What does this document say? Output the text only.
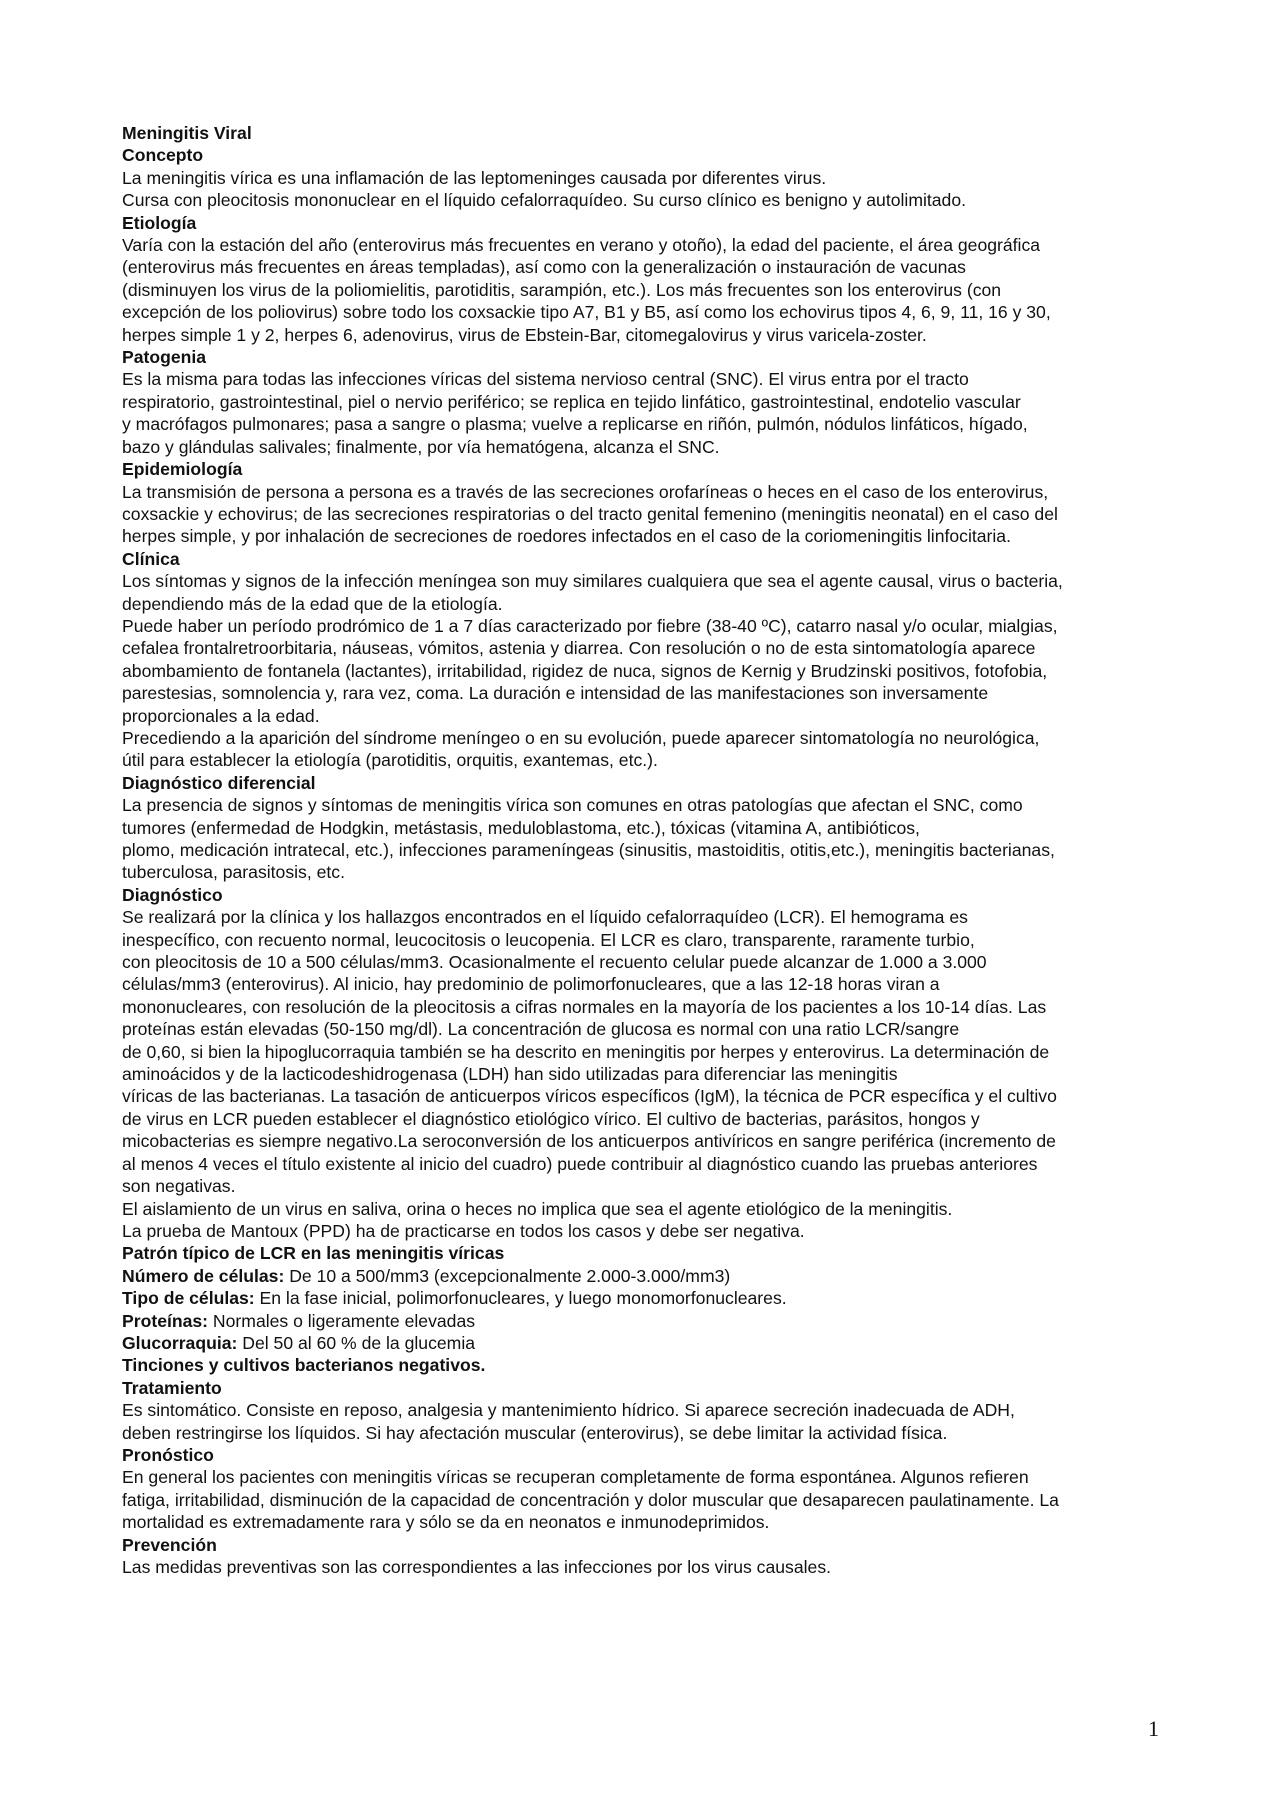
Meningitis Viral
Concepto
La meningitis vírica es una inflamación de las leptomeninges causada por diferentes virus.
Cursa con pleocitosis mononuclear en el líquido cefalorraquídeo. Su curso clínico es benigno y autolimitado.
Etiología
Varía con la estación del año (enterovirus más frecuentes en verano y otoño), la edad del paciente, el área geográfica
(enterovirus más frecuentes en áreas templadas), así como con la generalización o instauración de vacunas
(disminuyen los virus de la poliomielitis, parotiditis, sarampión, etc.). Los más frecuentes son los enterovirus (con
excepción de los poliovirus) sobre todo los coxsackie tipo A7, B1 y B5, así como los echovirus tipos 4, 6, 9, 11, 16 y 30,
herpes simple 1 y 2, herpes 6, adenovirus, virus de Ebstein-Bar, citomegalovirus y virus varicela-zoster.
Patogenia
Es la misma para todas las infecciones víricas del sistema nervioso central (SNC). El virus entra por el tracto
respiratorio, gastrointestinal, piel o nervio periférico; se replica en tejido linfático, gastrointestinal, endotelio vascular
y macrófagos pulmonares; pasa a sangre o plasma; vuelve a replicarse en riñón, pulmón, nódulos linfáticos, hígado,
bazo y glándulas salivales; finalmente, por vía hematógena, alcanza el SNC.
Epidemiología
La transmisión de persona a persona es a través de las secreciones orofaríneas o heces en el caso de los enterovirus,
coxsackie y echovirus; de las secreciones respiratorias o del tracto genital femenino (meningitis neonatal) en el caso del
herpes simple, y por inhalación de secreciones de roedores infectados en el caso de la coriomeningitis linfocitaria.
Clínica
Los síntomas y signos de la infección meníngea son muy similares cualquiera que sea el agente causal, virus o bacteria,
dependiendo más de la edad que de la etiología.
Puede haber un período prodrómico de 1 a 7 días caracterizado por fiebre (38-40 ºC), catarro nasal y/o ocular, mialgias,
cefalea frontalretroorbitaria, náuseas, vómitos, astenia y diarrea. Con resolución o no de esta sintomatología aparece
abombamiento de fontanela (lactantes), irritabilidad, rigidez de nuca, signos de Kernig y Brudzinski positivos, fotofobia,
parestesias, somnolencia y, rara vez, coma. La duración e intensidad de las manifestaciones son inversamente
proporcionales a la edad.
Precediendo a la aparición del síndrome meníngeo o en su evolución, puede aparecer sintomatología no neurológica,
útil para establecer la etiología (parotiditis, orquitis, exantemas, etc.).
Diagnóstico diferencial
La presencia de signos y síntomas de meningitis vírica son comunes en otras patologías que afectan el SNC, como
tumores (enfermedad de Hodgkin, metástasis, meduloblastoma, etc.), tóxicas (vitamina A, antibióticos,
plomo, medicación intratecal, etc.), infecciones parameníngeas (sinusitis, mastoiditis, otitis,etc.), meningitis bacterianas,
tuberculosa, parasitosis, etc.
Diagnóstico
Se realizará por la clínica y los hallazgos encontrados en el líquido cefalorraquídeo (LCR). El hemograma es
inespecífico, con recuento normal, leucocitosis o leucopenia. El LCR es claro, transparente, raramente turbio,
con pleocitosis de 10 a 500 células/mm3. Ocasionalmente el recuento celular puede alcanzar de 1.000 a 3.000
células/mm3 (enterovirus). Al inicio, hay predominio de polimorfonucleares, que a las 12-18 horas viran a
mononucleares, con resolución de la pleocitosis a cifras normales en la mayoría de los pacientes a los 10-14 días. Las
proteínas están elevadas (50-150 mg/dl). La concentración de glucosa es normal con una ratio LCR/sangre
de 0,60, si bien la hipoglucorraquia también se ha descrito en meningitis por herpes y enterovirus. La determinación de
aminoácidos y de la lacticodeshidrogenasa (LDH) han sido utilizadas para diferenciar las meningitis
víricas de las bacterianas. La tasación de anticuerpos víricos específicos (IgM), la técnica de PCR específica y el cultivo
de virus en LCR pueden establecer el diagnóstico etiológico vírico. El cultivo de bacterias, parásitos, hongos y
micobacterias es siempre negativo.La seroconversión de los anticuerpos antivíricos en sangre periférica (incremento de
al menos 4 veces el título existente al inicio del cuadro) puede contribuir al diagnóstico cuando las pruebas anteriores
son negativas.
El aislamiento de un virus en saliva, orina o heces no implica que sea el agente etiológico de la meningitis.
La prueba de Mantoux (PPD) ha de practicarse en todos los casos y debe ser negativa.
Patrón típico de LCR en las meningitis víricas
Número de células: De 10 a 500/mm3 (excepcionalmente 2.000-3.000/mm3)
Tipo de células: En la fase inicial, polimorfonucleares, y luego monomorfonucleares.
Proteínas: Normales o ligeramente elevadas
Glucorraquia: Del 50 al 60 % de la glucemia
Tinciones y cultivos bacterianos negativos.
Tratamiento
Es sintomático. Consiste en reposo, analgesia y mantenimiento hídrico. Si aparece secreción inadecuada de ADH,
deben restringirse los líquidos. Si hay afectación muscular (enterovirus), se debe limitar la actividad física.
Pronóstico
En general los pacientes con meningitis víricas se recuperan completamente de forma espontánea. Algunos refieren
fatiga, irritabilidad, disminución de la capacidad de concentración y dolor muscular que desaparecen paulatinamente. La
mortalidad es extremadamente rara y sólo se da en neonatos e inmunodeprimidos.
Prevención
Las medidas preventivas son las correspondientes a las infecciones por los virus causales.
1
